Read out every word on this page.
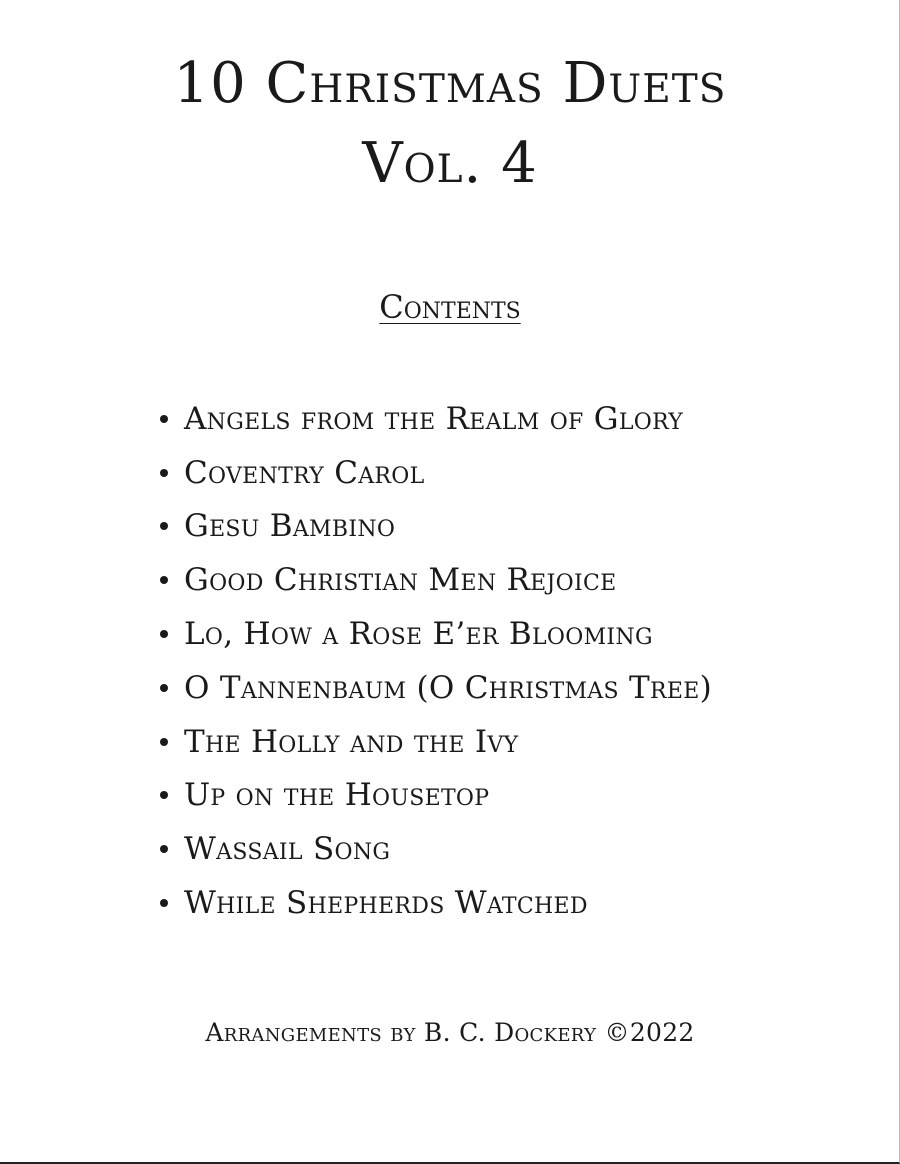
10 Christmas Duets
Vol. 4
Contents
Angels from the Realm of Glory
Coventry Carol
Gesu Bambino
Good Christian Men Rejoice
Lo, How a Rose E’er Blooming
O Tannenbaum (O Christmas Tree)
The Holly and the Ivy
Up on the Housetop
Wassail Song
While Shepherds Watched
Arrangements by B. C. Dockery ©2022
